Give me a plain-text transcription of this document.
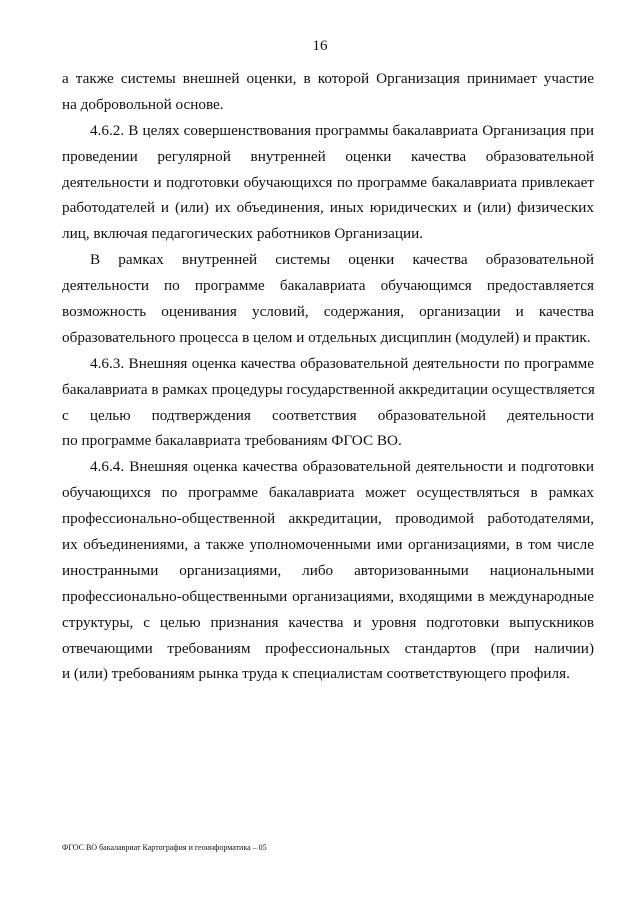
16
а также системы внешней оценки, в которой Организация принимает участие
на добровольной основе.
4.6.2. В целях совершенствования программы бакалавриата Организация при
проведении регулярной внутренней оценки качества образовательной
деятельности и подготовки обучающихся по программе бакалавриата привлекает
работодателей и (или) их объединения, иных юридических и (или) физических
лиц, включая педагогических работников Организации.
В рамках внутренней системы оценки качества образовательной
деятельности по программе бакалавриата обучающимся предоставляется
возможность оценивания условий, содержания, организации и качества
образовательного процесса в целом и отдельных дисциплин (модулей) и практик.
4.6.3. Внешняя оценка качества образовательной деятельности по программе
бакалавриата в рамках процедуры государственной аккредитации осуществляется
с целью подтверждения соответствия образовательной деятельности
по программе бакалавриата требованиям ФГОС ВО.
4.6.4. Внешняя оценка качества образовательной деятельности и подготовки
обучающихся по программе бакалавриата может осуществляться в рамках
профессионально-общественной аккредитации, проводимой работодателями,
их объединениями, а также уполномоченными ими организациями, в том числе
иностранными организациями, либо авторизованными национальными
профессионально-общественными организациями, входящими в международные
структуры, с целью признания качества и уровня подготовки выпускников
отвечающими требованиям профессиональных стандартов (при наличии)
и (или) требованиям рынка труда к специалистам соответствующего профиля.
ФГОС ВО бакалавриат Картография и геоинформатика – 05
